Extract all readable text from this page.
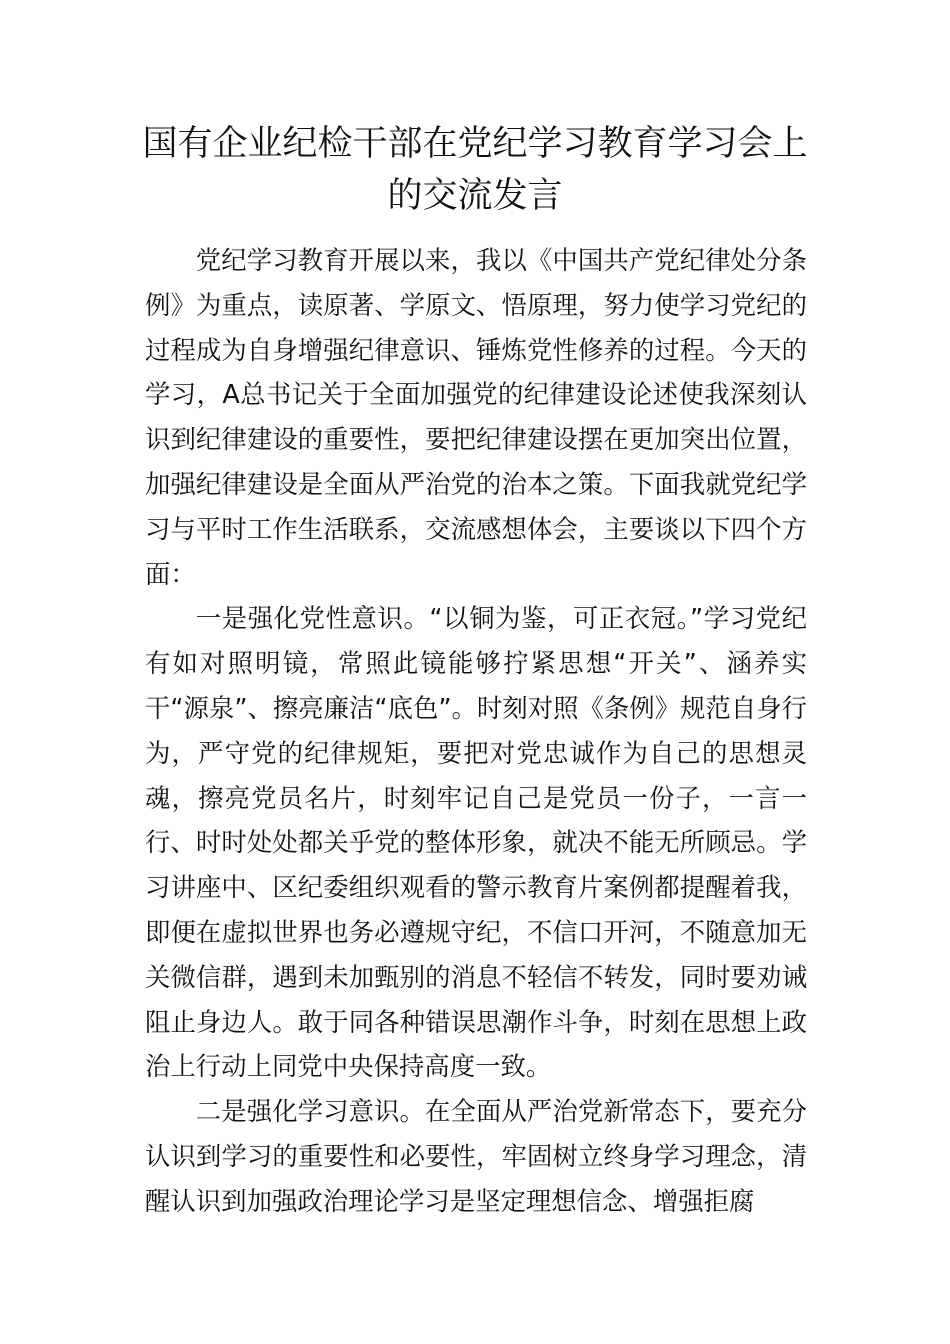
国有企业纪检干部在党纪学习教育学习会上的交流发言

党纪学习教育开展以来，我以《中国共产党纪律处分条例》为重点，读原著、学原文、悟原理，努力使学习党纪的过程成为自身增强纪律意识、锤炼党性修养的过程。今天的学习，A总书记关于全面加强党的纪律建设论述使我深刻认识到纪律建设的重要性，要把纪律建设摆在更加突出位置，加强纪律建设是全面从严治党的治本之策。下面我就党纪学习与平时工作生活联系，交流感想体会，主要谈以下四个方面：

一是强化党性意识。“以铜为鉴，可正衣冠。”学习党纪有如对照明镜，常照此镜能够拧紧思想“开关”、涵养实干“源泉”、擦亮廉洁“底色”。时刻对照《条例》规范自身行为，严守党的纪律规矩，要把对党忠诚作为自己的思想灵魂，擦亮党员名片，时刻牢记自己是党员一份子，一言一行、时时处处都关乎党的整体形象，就决不能无所顾忌。学习讲座中、区纪委组织观看的警示教育片案例都提醒着我，即便在虚拟世界也务必遵规守纪，不信口开河，不随意加无关微信群，遇到未加甄别的消息不轻信不转发，同时要劝诫阻止身边人。敢于同各种错误思潮作斗争，时刻在思想上政治上行动上同党中央保持高度一致。

二是强化学习意识。在全面从严治党新常态下，要充分认识到学习的重要性和必要性，牢固树立终身学习理念，清醒认识到加强政治理论学习是坚定理想信念、增强拒腐
